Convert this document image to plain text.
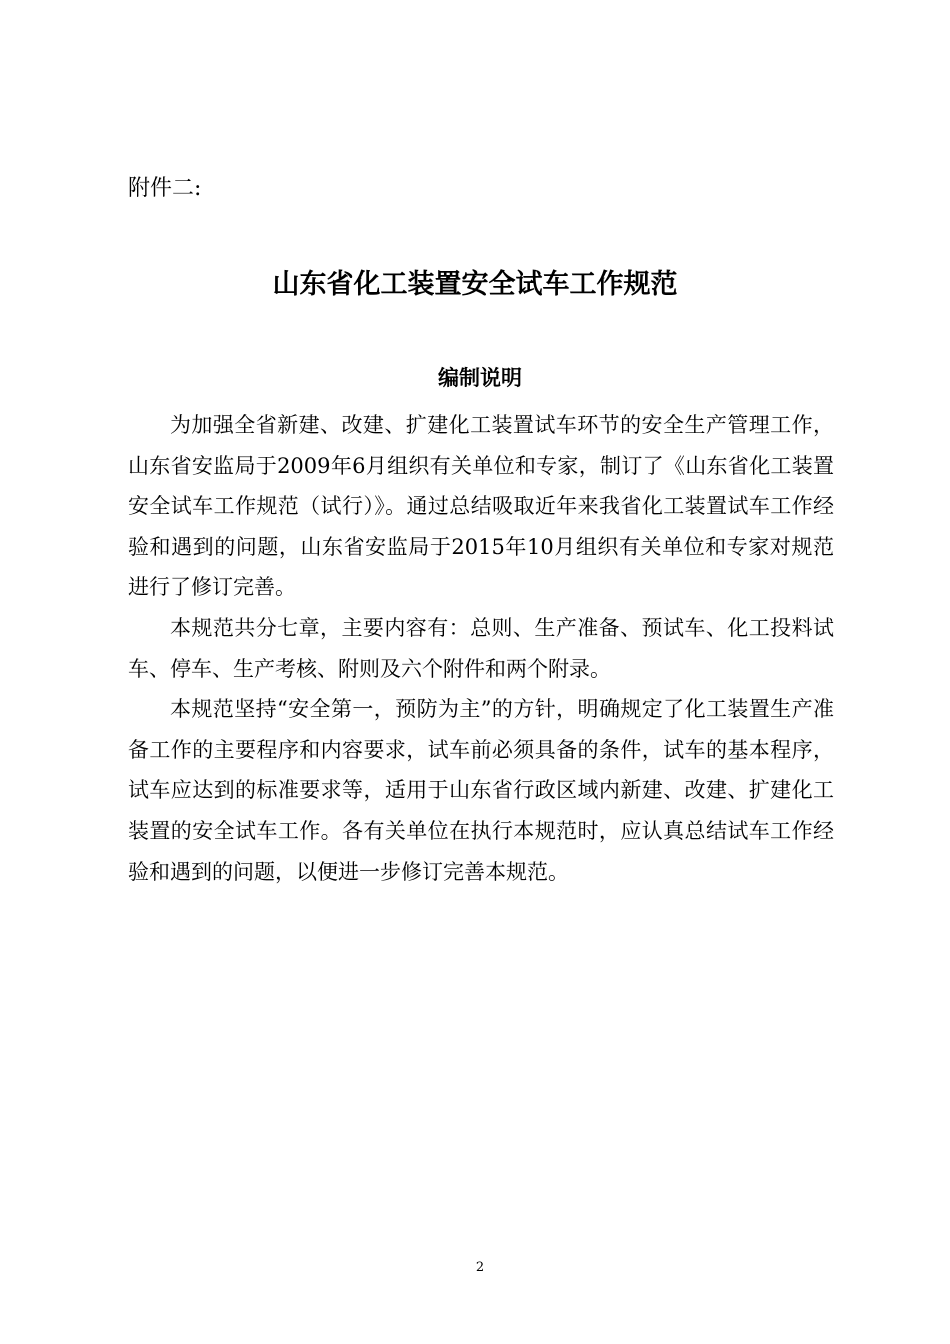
附件二:
山东省化工装置安全试车工作规范
编制说明

为加强全省新建、改建、扩建化工装置试车环节的安全生产管理工作，山东省安监局于2009年6月组织有关单位和专家，制订了《山东省化工装置安全试车工作规范（试行）》。通过总结吸取近年来我省化工装置试车工作经验和遇到的问题，山东省安监局于2015年10月组织有关单位和专家对规范进行了修订完善。

本规范共分七章，主要内容有：总则、生产准备、预试车、化工投料试车、停车、生产考核、附则及六个附件和两个附录。

本规范坚持“安全第一，预防为主”的方针，明确规定了化工装置生产准备工作的主要程序和内容要求，试车前必须具备的条件，试车的基本程序，试车应达到的标准要求等，适用于山东省行政区域内新建、改建、扩建化工装置的安全试车工作。各有关单位在执行本规范时，应认真总结试车工作经验和遇到的问题，以便进一步修订完善本规范。

2
